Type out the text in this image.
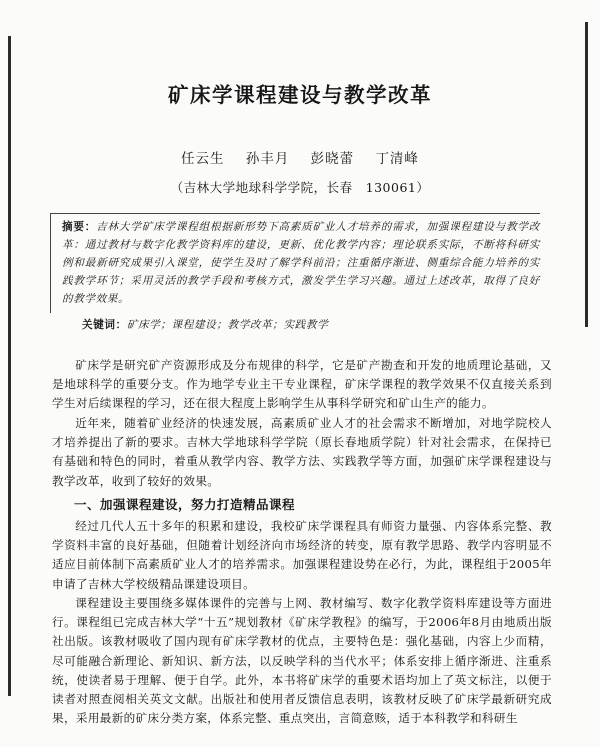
矿床学课程建设与教学改革
任云生 孙丰月 彭晓蕾 丁清峰
（吉林大学地球科学学院，长春　130061）
摘要：吉林大学矿床学课程组根据新形势下高素质矿业人才培养的需求，加强课程建设与教学改革：通过教材与数字化教学资料库的建设，更新、优化教学内容；理论联系实际，不断将科研实例和最新研究成果引入课堂，使学生及时了解学科前沿；注重循序渐进、侧重综合能力培养的实践教学环节；采用灵活的教学手段和考核方式，激发学生学习兴趣。通过上述改革，取得了良好的教学效果。
关键词：矿床学；课程建设；教学改革；实践教学

矿床学是研究矿产资源形成及分布规律的科学，它是矿产勘查和开发的地质理论基础，又是地球科学的重要分支。作为地学专业主干专业课程，矿床学课程的教学效果不仅直接关系到学生对后续课程的学习，还在很大程度上影响学生从事科学研究和矿山生产的能力。

近年来，随着矿业经济的快速发展，高素质矿业人才的社会需求不断增加，对地学院校人才培养提出了新的要求。吉林大学地球科学学院（原长春地质学院）针对社会需求，在保持已有基础和特色的同时，着重从教学内容、教学方法、实践教学等方面，加强矿床学课程建设与教学改革，收到了较好的效果。

一、加强课程建设，努力打造精品课程

经过几代人五十多年的积累和建设，我校矿床学课程具有师资力量强、内容体系完整、教学资料丰富的良好基础，但随着计划经济向市场经济的转变，原有教学思路、教学内容明显不适应目前体制下高素质矿业人才的培养需求。加强课程建设势在必行，为此，课程组于2005年申请了吉林大学校级精品课建设项目。

课程建设主要围绕多媒体课件的完善与上网、教材编写、数字化教学资料库建设等方面进行。课程组已完成吉林大学“十五”规划教材《矿床学教程》的编写，于2006年8月由地质出版社出版。该教材吸收了国内现有矿床学教材的优点，主要特色是：强化基础，内容上少而精，尽可能融合新理论、新知识、新方法，以反映学科的当代水平；体系安排上循序渐进、注重系统，使读者易于理解、便于自学。此外，本书将矿床学的重要术语均加上了英文标注，以便于读者对照查阅相关英文文献。出版社和使用者反馈信息表明，该教材反映了矿床学最新研究成果，采用最新的矿床分类方案，体系完整、重点突出，言简意赅，适于本科教学和科研生
